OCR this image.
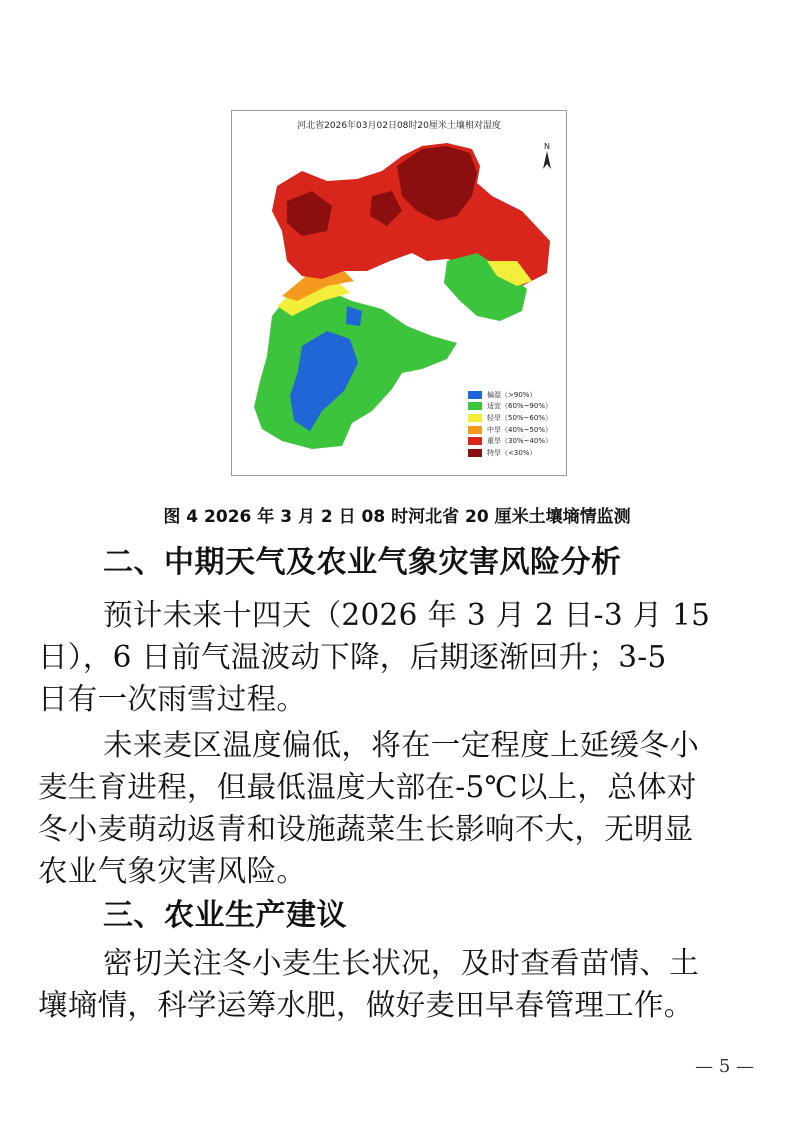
河北省2026年03月02日08时20厘米土壤相对湿度
N
偏湿（>90%）
适宜（60%~90%）
轻旱（50%~60%）
中旱（40%~50%）
重旱（30%~40%）
特旱（<30%）
图 4 2026 年 3 月 2 日 08 时河北省 20 厘米土壤墒情监测
二、中期天气及农业气象灾害风险分析
预计未来十四天（2026 年 3 月 2 日-3 月 15
日），6 日前气温波动下降，后期逐渐回升；3-5
日有一次雨雪过程。
未来麦区温度偏低，将在一定程度上延缓冬小
麦生育进程，但最低温度大部在-5℃以上，总体对
冬小麦萌动返青和设施蔬菜生长影响不大，无明显
农业气象灾害风险。
三、农业生产建议
密切关注冬小麦生长状况，及时查看苗情、土
壤墒情，科学运筹水肥，做好麦田早春管理工作。
— 5 —
